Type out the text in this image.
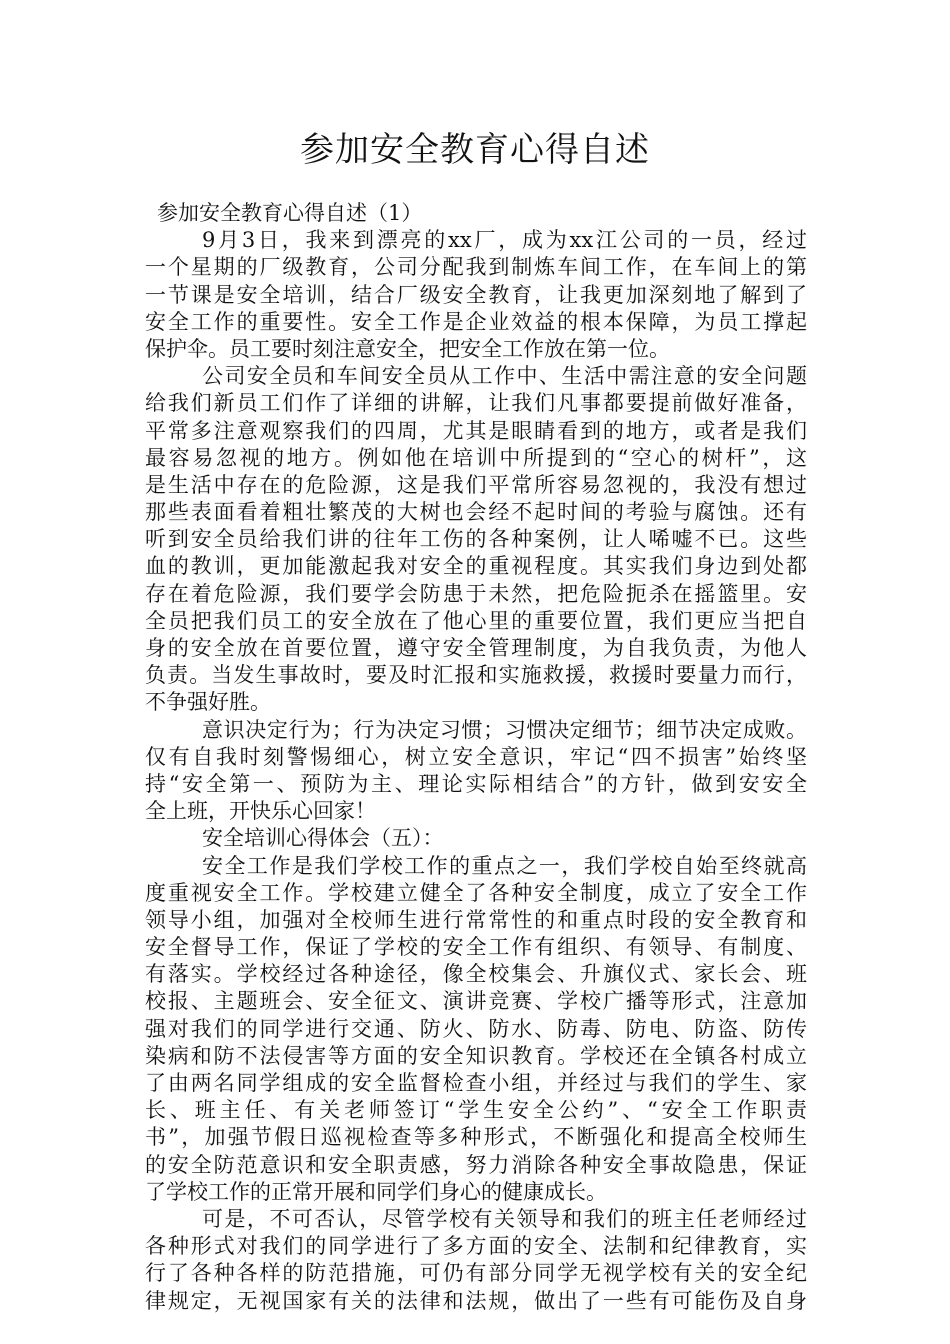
参加安全教育心得自述
参加安全教育心得自述（1）
9月3日，我来到漂亮的xx厂，成为xx江公司的一员，经过
一个星期的厂级教育，公司分配我到制炼车间工作，在车间上的第
一节课是安全培训，结合厂级安全教育，让我更加深刻地了解到了
安全工作的重要性。安全工作是企业效益的根本保障，为员工撑起
保护伞。员工要时刻注意安全，把安全工作放在第一位。
公司安全员和车间安全员从工作中、生活中需注意的安全问题
给我们新员工们作了详细的讲解，让我们凡事都要提前做好准备，
平常多注意观察我们的四周，尤其是眼睛看到的地方，或者是我们
最容易忽视的地方。例如他在培训中所提到的“空心的树杆”，这
是生活中存在的危险源，这是我们平常所容易忽视的，我没有想过
那些表面看着粗壮繁茂的大树也会经不起时间的考验与腐蚀。还有
听到安全员给我们讲的往年工伤的各种案例，让人唏嘘不已。这些
血的教训，更加能激起我对安全的重视程度。其实我们身边到处都
存在着危险源，我们要学会防患于未然，把危险扼杀在摇篮里。安
全员把我们员工的安全放在了他心里的重要位置，我们更应当把自
身的安全放在首要位置，遵守安全管理制度，为自我负责，为他人
负责。当发生事故时，要及时汇报和实施救援，救援时要量力而行，
不争强好胜。
意识决定行为；行为决定习惯；习惯决定细节；细节决定成败。
仅有自我时刻警惕细心，树立安全意识，牢记“四不损害”始终坚
持“安全第一、预防为主、理论实际相结合”的方针，做到安安全
全上班，开快乐心回家！
安全培训心得体会（五）：
安全工作是我们学校工作的重点之一，我们学校自始至终就高
度重视安全工作。学校建立健全了各种安全制度，成立了安全工作
领导小组，加强对全校师生进行常常性的和重点时段的安全教育和
安全督导工作，保证了学校的安全工作有组织、有领导、有制度、
有落实。学校经过各种途径，像全校集会、升旗仪式、家长会、班
校报、主题班会、安全征文、演讲竞赛、学校广播等形式，注意加
强对我们的同学进行交通、防火、防水、防毒、防电、防盗、防传
染病和防不法侵害等方面的安全知识教育。学校还在全镇各村成立
了由两名同学组成的安全监督检查小组，并经过与我们的学生、家
长、班主任、有关老师签订“学生安全公约”、“安全工作职责
书”，加强节假日巡视检查等多种形式，不断强化和提高全校师生
的安全防范意识和安全职责感，努力消除各种安全事故隐患，保证
了学校工作的正常开展和同学们身心的健康成长。
可是，不可否认，尽管学校有关领导和我们的班主任老师经过
各种形式对我们的同学进行了多方面的安全、法制和纪律教育，实
行了各种各样的防范措施，可仍有部分同学无视学校有关的安全纪
律规定，无视国家有关的法律和法规，做出了一些有可能伤及自身
